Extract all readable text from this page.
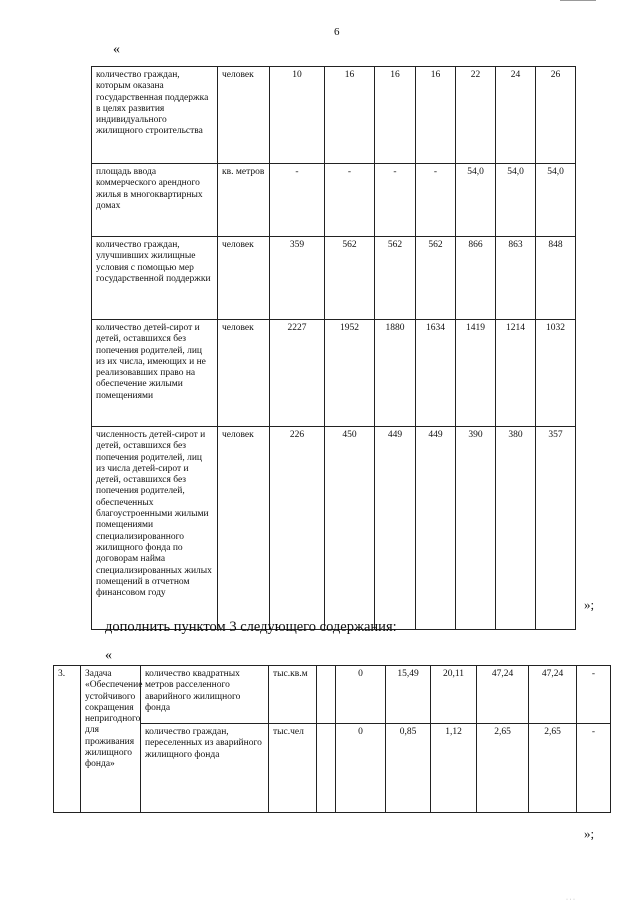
6
«
количество граждан, которым оказана государственная поддержка в целях развития индивидуального жилищного строительства	человек	10	16	16	16	22	24	26
площадь ввода коммерческого арендного жилья в многоквартирных домах	кв. метров	-	-	-	-	54,0	54,0	54,0
количество граждан, улучшивших жилищные условия с помощью мер государственной поддержки	человек	359	562	562	562	866	863	848
количество детей-сирот и детей, оставшихся без попечения родителей, лиц из их числа, имеющих и не реализовавших право на обеспечение жилыми помещениями	человек	2227	1952	1880	1634	1419	1214	1032
численность детей-сирот и детей, оставшихся без попечения родителей, лиц из числа детей-сирот и детей, оставшихся без попечения родителей, обеспеченных благоустроенными жилыми помещениями специализированного жилищного фонда по договорам найма специализированных жилых помещений в отчетном финансовом году	человек	226	450	449	449	390	380	357
»;
дополнить пунктом 3 следующего содержания:
«
3.	Задача «Обеспечение устойчивого сокращения непригодного для проживания жилищного фонда»	количество квадратных метров расселенного аварийного жилищного фонда	тыс.кв.м		0	15,49	20,11	47,24	47,24	-
		количество граждан, переселенных из аварийного жилищного фонда	тыс.чел		0	0,85	1,12	2,65	2,65	-
»;
· · ·
